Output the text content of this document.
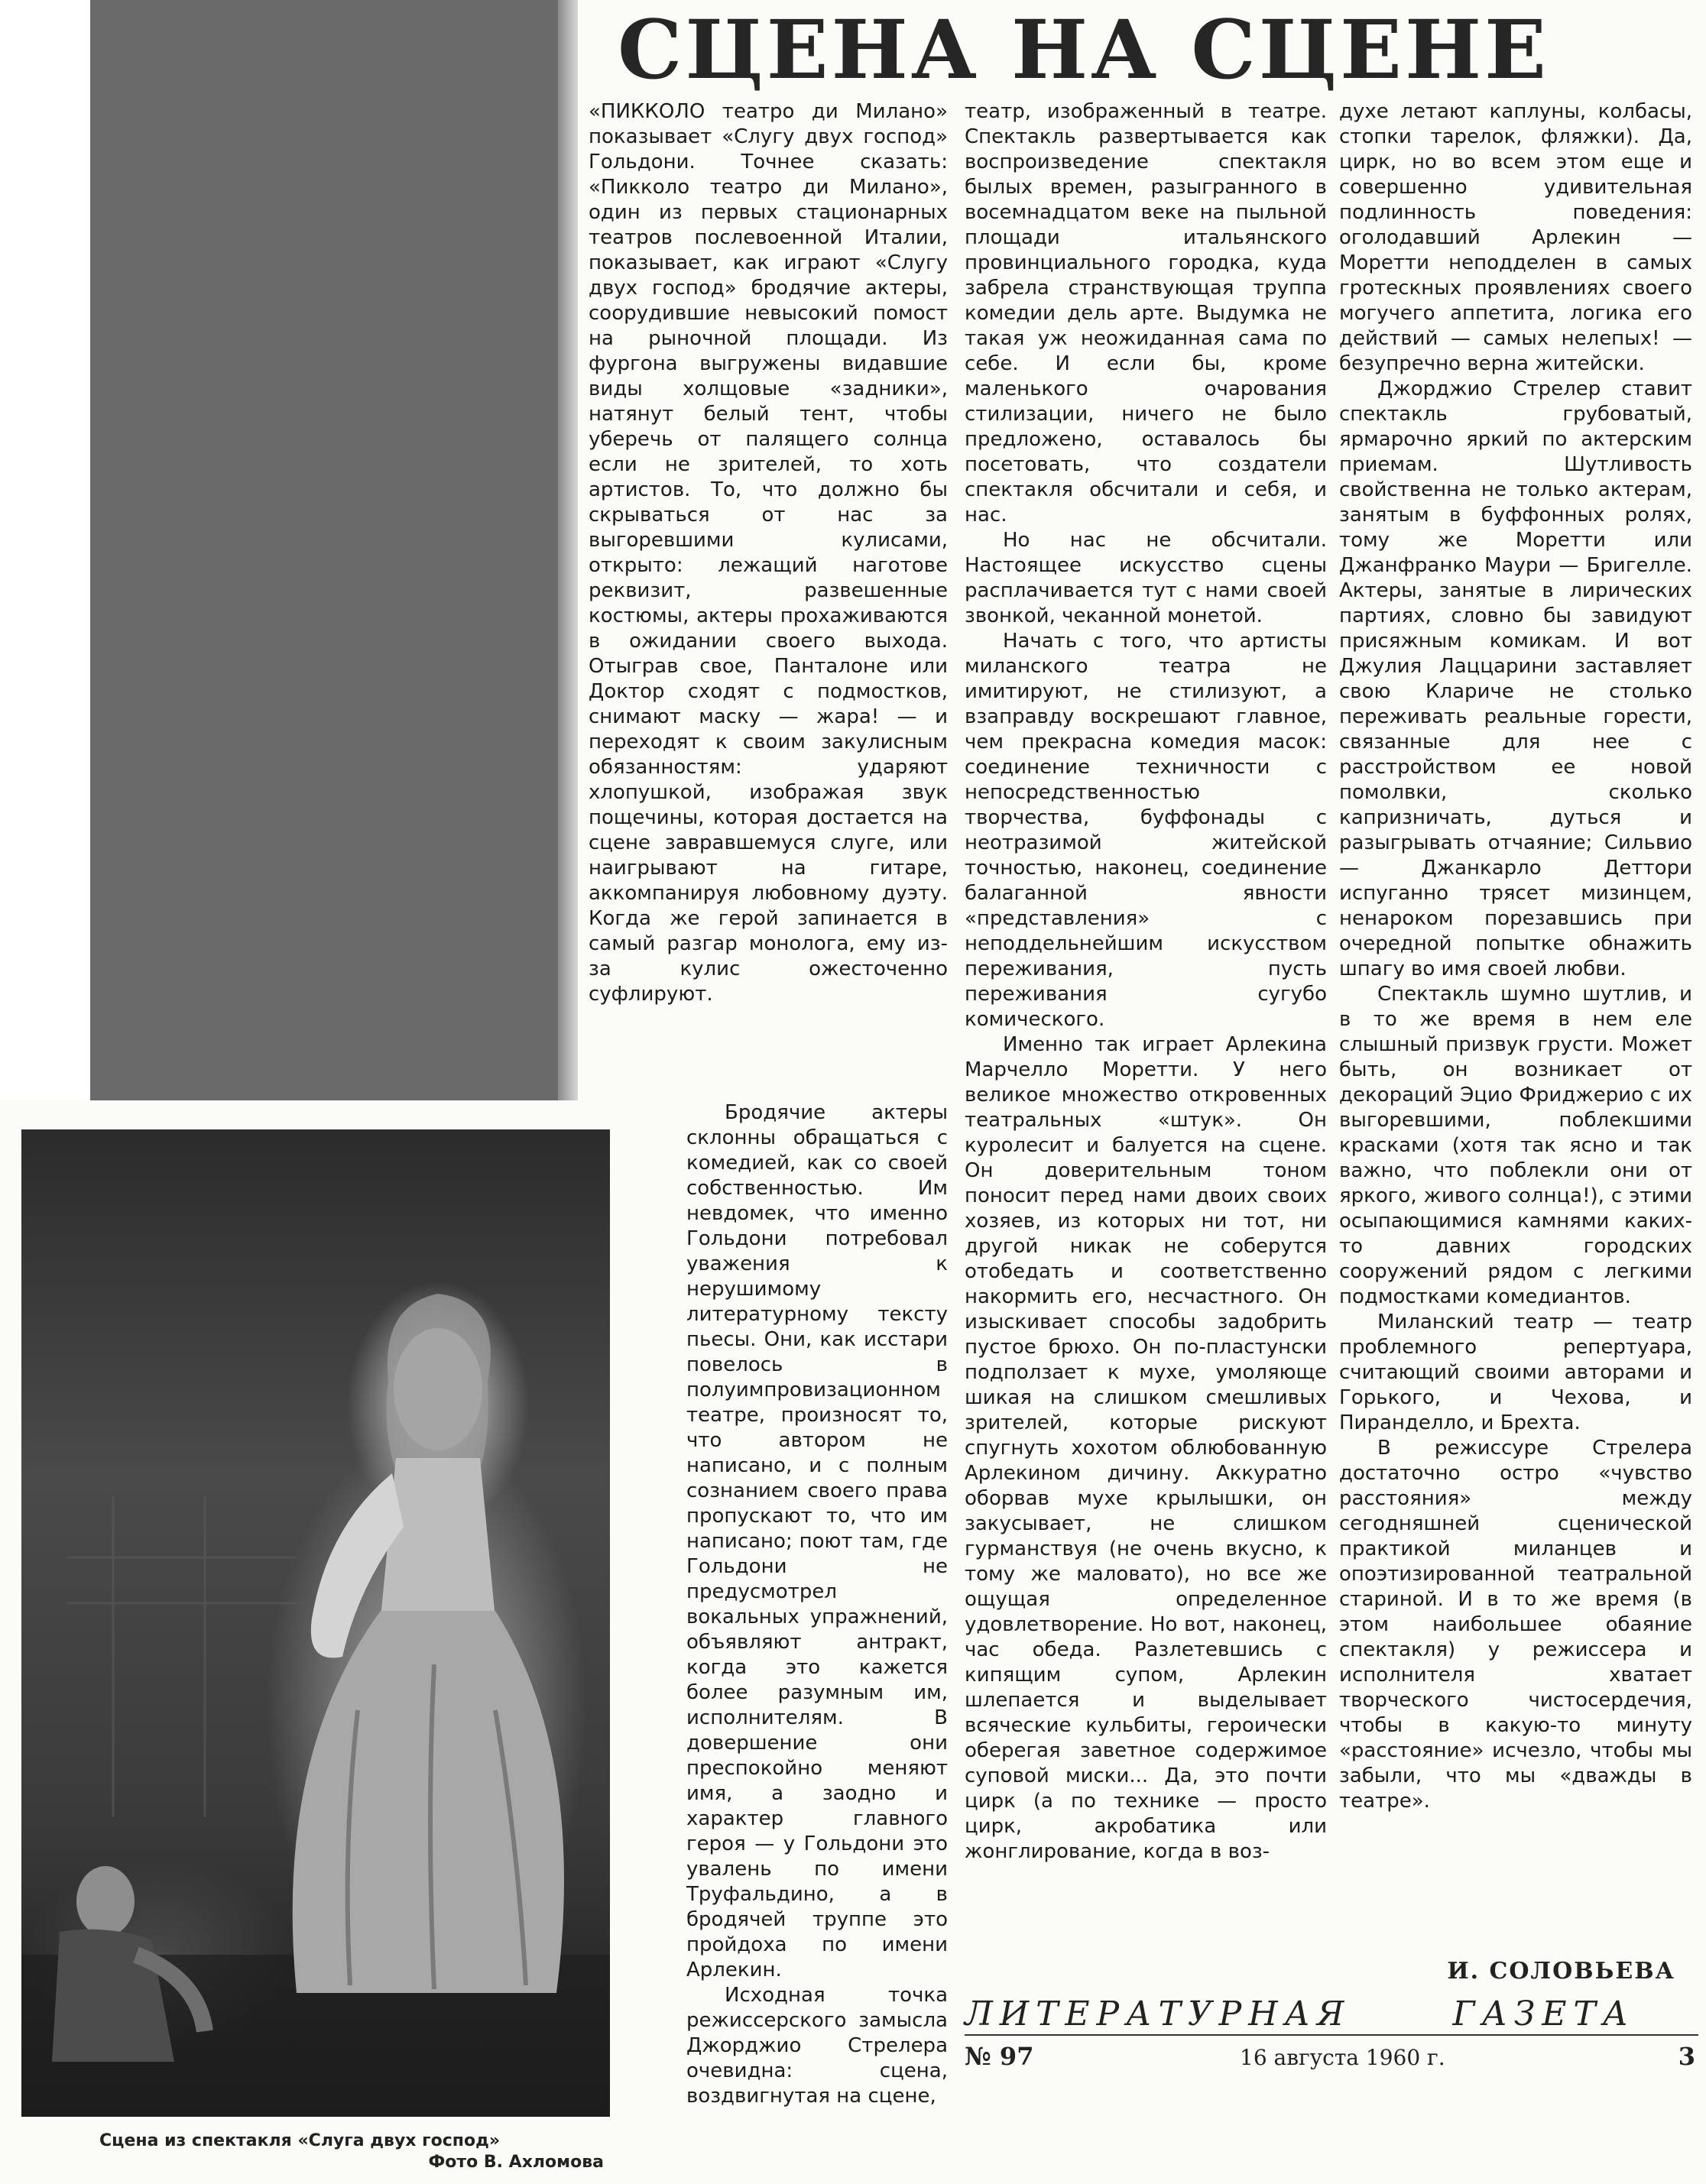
СЦЕНА НА СЦЕНЕ

«ПИККОЛО театро ди Милано» показывает «Слугу двух господ» Гольдони. Точнее сказать: «Пикколо театро ди Милано», один из первых стационарных театров послевоенной Италии, показывает, как играют «Слугу двух господ» бродячие актеры, соорудившие невысокий помост на рыночной площади. Из фургона выгружены видавшие виды холщовые «задники», натянут белый тент, чтобы уберечь от палящего солнца если не зрителей, то хоть артистов. То, что должно бы скрываться от нас за выгоревшими кулисами, открыто: лежащий наготове реквизит, развешенные костюмы, актеры прохаживаются в ожидании своего выхода. Отыграв свое, Панталоне или Доктор сходят с подмостков, снимают маску — жара! — и переходят к своим закулисным обязанностям: ударяют хлопушкой, изображая звук пощечины, которая достается на сцене завравшемуся слуге, или наигрывают на гитаре, аккомпанируя любовному дуэту. Когда же герой запинается в самый разгар монолога, ему из-за кулис ожесточенно суфлируют.

Бродячие актеры склонны обращаться с комедией, как со своей собственностью. Им невдомек, что именно Гольдони потребовал уважения к нерушимому литературному тексту пьесы. Они, как исстари повелось в полуимпровизационном театре, произносят то, что автором не написано, и с полным сознанием своего права пропускают то, что им написано; поют там, где Гольдони не предусмотрел вокальных упражнений, объявляют антракт, когда это кажется более разумным им, исполнителям. В довершение они преспокойно меняют имя, а заодно и характер главного героя — у Гольдони это увалень по имени Труфальдино, а в бродячей труппе это пройдоха по имени Арлекин.

Исходная точка режиссерского замысла Джорджио Стрелера очевидна: сцена, воздвигнутая на сцене,

театр, изображенный в театре. Спектакль развертывается как воспроизведение спектакля былых времен, разыгранного в восемнадцатом веке на пыльной площади итальянского провинциального городка, куда забрела странствующая труппа комедии дель арте. Выдумка не такая уж неожиданная сама по себе. И если бы, кроме маленького очарования стилизации, ничего не было предложено, оставалось бы посетовать, что создатели спектакля обсчитали и себя, и нас.

Но нас не обсчитали. Настоящее искусство сцены расплачивается тут с нами своей звонкой, чеканной монетой.

Начать с того, что артисты миланского театра не имитируют, не стилизуют, а взаправду воскрешают главное, чем прекрасна комедия масок: соединение техничности с непосредственностью творчества, буффонады с неотразимой житейской точностью, наконец, соединение балаганной явности «представления» с неподдельнейшим искусством переживания, пусть переживания сугубо комического.

Именно так играет Арлекина Марчелло Моретти. У него великое множество откровенных театральных «штук». Он куролесит и балуется на сцене. Он доверительным тоном поносит перед нами двоих своих хозяев, из которых ни тот, ни другой никак не соберутся отобедать и соответственно накормить его, несчастного. Он изыскивает способы задобрить пустое брюхо. Он по-пластунски подползает к мухе, умоляюще шикая на слишком смешливых зрителей, которые рискуют спугнуть хохотом облюбованную Арлекином дичину. Аккуратно оборвав мухе крылышки, он закусывает, не слишком гурманствуя (не очень вкусно, к тому же маловато), но все же ощущая определенное удовлетворение. Но вот, наконец, час обеда. Разлетевшись с кипящим супом, Арлекин шлепается и выделывает всяческие кульбиты, героически оберегая заветное содержимое суповой миски... Да, это почти цирк (а по технике — просто цирк, акробатика или жонглирование, когда в воз-

духе летают каплуны, колбасы, стопки тарелок, фляжки). Да, цирк, но во всем этом еще и совершенно удивительная подлинность поведения: оголодавший Арлекин — Моретти неподделен в самых гротескных проявлениях своего могучего аппетита, логика его действий — самых нелепых! — безупречно верна житейски.

Джорджио Стрелер ставит спектакль грубоватый, ярмарочно яркий по актерским приемам. Шутливость свойственна не только актерам, занятым в буффонных ролях, тому же Моретти или Джанфранко Маури — Бригелле. Актеры, занятые в лирических партиях, словно бы завидуют присяжным комикам. И вот Джулия Лаццарини заставляет свою Клариче не столько переживать реальные горести, связанные для нее с расстройством ее новой помолвки, сколько капризничать, дуться и разыгрывать отчаяние; Сильвио — Джанкарло Деттори испуганно трясет мизинцем, ненароком порезавшись при очередной попытке обнажить шпагу во имя своей любви.

Спектакль шумно шутлив, и в то же время в нем еле слышный призвук грусти. Может быть, он возникает от декораций Эцио Фриджерио с их выгоревшими, поблекшими красками (хотя так ясно и так важно, что поблекли они от яркого, живого солнца!), с этими осыпающимися камнями каких-то давних городских сооружений рядом с легкими подмостками комедиантов.

Миланский театр — театр проблемного репертуара, считающий своими авторами и Горького, и Чехова, и Пиранделло, и Брехта.

В режиссуре Стрелера достаточно остро «чувство расстояния» между сегодняшней сценической практикой миланцев и опоэтизированной театральной стариной. И в то же время (в этом наибольшее обаяние спектакля) у режиссера и исполнителя хватает творческого чистосердечия, чтобы в какую-то минуту «расстояние» исчезло, чтобы мы забыли, что мы «дважды в театре».

Сцена из спектакля «Слуга двух господ»
Фото В. Ахломова
И. СОЛОВЬЕВА
ЛИТЕРАТУРНАЯ ГАЗЕТА
№ 97	16 августа 1960 г.	3
